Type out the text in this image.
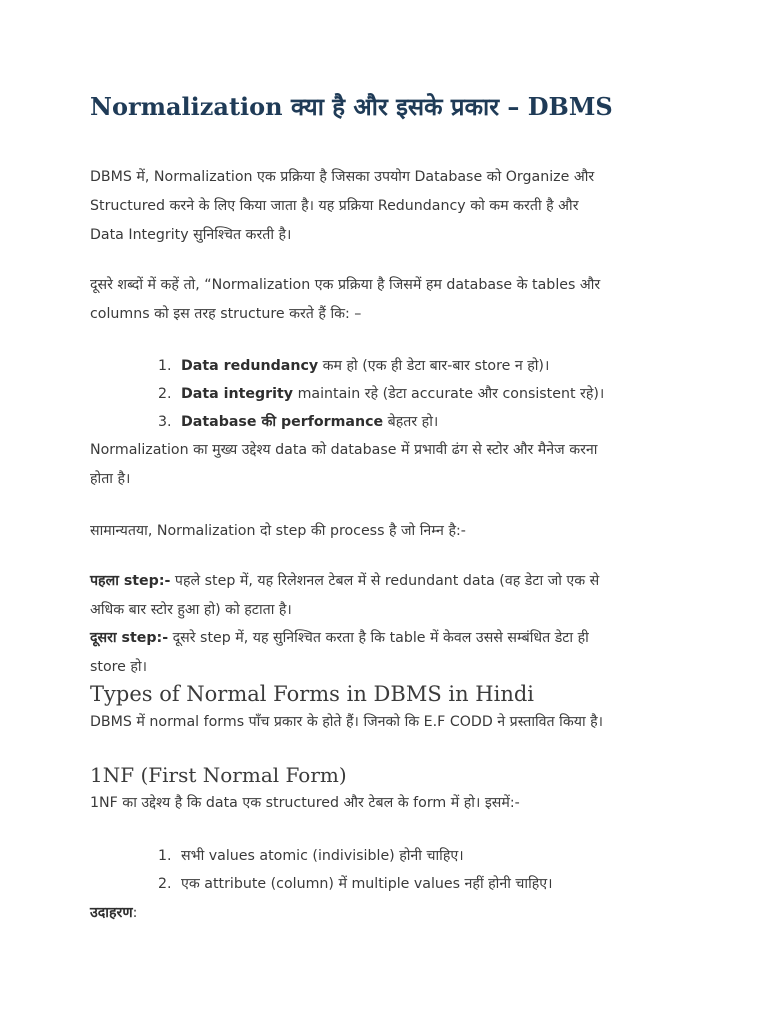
Normalization क्या है और इसके प्रकार – DBMS

DBMS में, Normalization एक प्रक्रिया है जिसका उपयोग Database को Organize और
Structured करने के लिए किया जाता है। यह प्रक्रिया Redundancy को कम करती है और
Data Integrity सुनिश्चित करती है।

दूसरे शब्दों में कहें तो, “Normalization एक प्रक्रिया है जिसमें हम database के tables और
columns को इस तरह structure करते हैं कि: –

1. Data redundancy कम हो (एक ही डेटा बार-बार store न हो)।
2. Data integrity maintain रहे (डेटा accurate और consistent रहे)।
3. Database की performance बेहतर हो।

Normalization का मुख्य उद्देश्य data को database में प्रभावी ढंग से स्टोर और मैनेज करना
होता है।

सामान्यतया, Normalization दो step की process है जो निम्न है:-

पहला step:- पहले step में, यह रिलेशनल टेबल में से redundant data (वह डेटा जो एक से
अधिक बार स्टोर हुआ हो) को हटाता है।

दूसरा step:- दूसरे step में, यह सुनिश्चित करता है कि table में केवल उससे सम्बंधित डेटा ही
store हो।

Types of Normal Forms in DBMS in Hindi

DBMS में normal forms पाँच प्रकार के होते हैं। जिनको कि E.F CODD ने प्रस्तावित किया है।

1NF (First Normal Form)

1NF का उद्देश्य है कि data एक structured और टेबल के form में हो। इसमें:-

1. सभी values atomic (indivisible) होनी चाहिए।
2. एक attribute (column) में multiple values नहीं होनी चाहिए।

उदाहरण:
